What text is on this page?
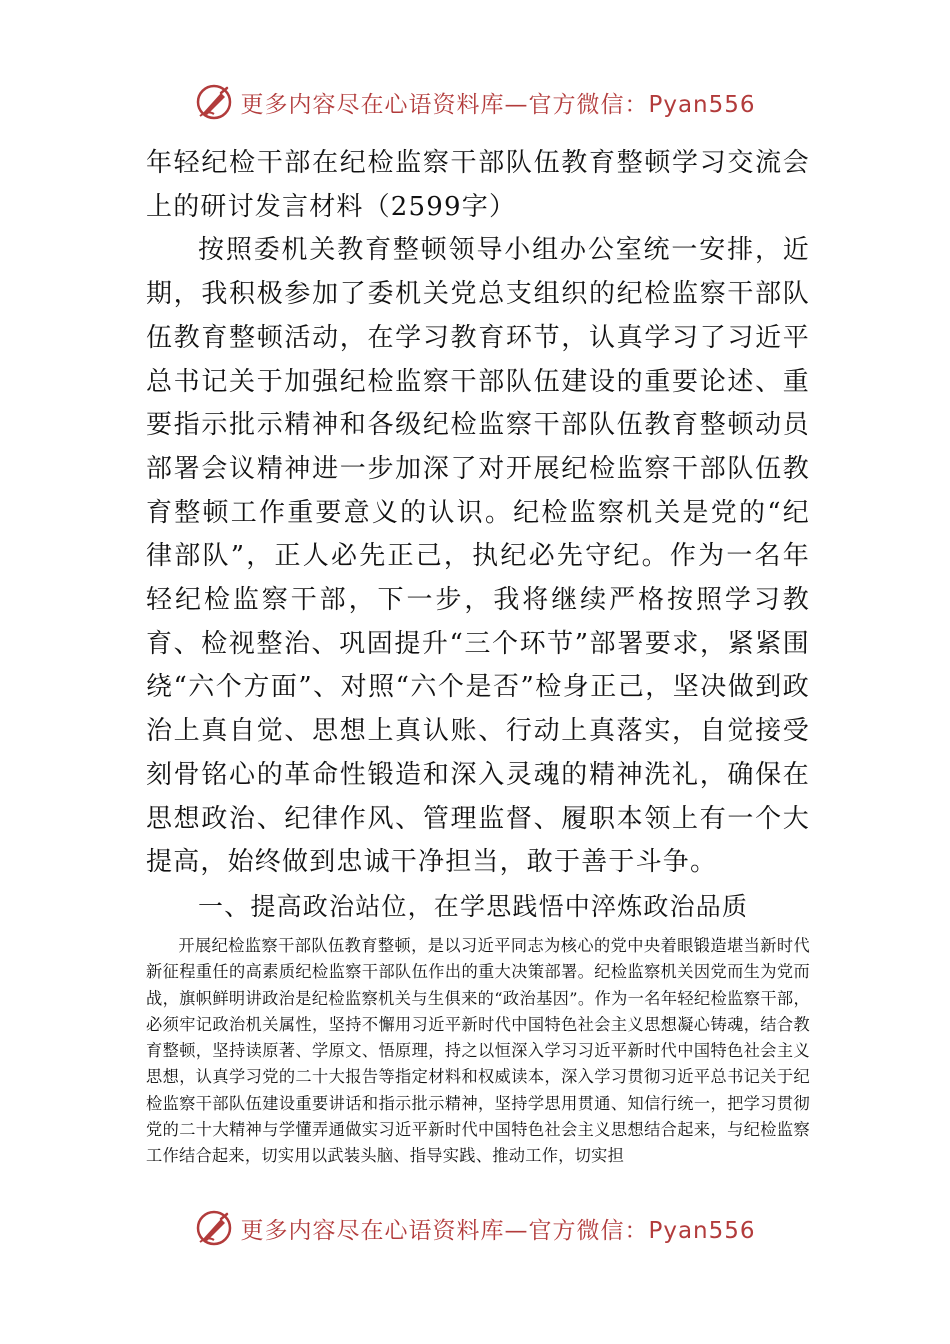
更多内容尽在心语资料库—官方微信：Pyan556

年轻纪检干部在纪检监察干部队伍教育整顿学习交流会上的研讨发言材料（2599字）

按照委机关教育整顿领导小组办公室统一安排，近期，我积极参加了委机关党总支组织的纪检监察干部队伍教育整顿活动，在学习教育环节，认真学习了习近平总书记关于加强纪检监察干部队伍建设的重要论述、重要指示批示精神和各级纪检监察干部队伍教育整顿动员部署会议精神进一步加深了对开展纪检监察干部队伍教育整顿工作重要意义的认识。纪检监察机关是党的“纪律部队”，正人必先正己，执纪必先守纪。作为一名年轻纪检监察干部，下一步，我将继续严格按照学习教育、检视整治、巩固提升“三个环节”部署要求，紧紧围绕“六个方面”、对照“六个是否”检身正己，坚决做到政治上真自觉、思想上真认账、行动上真落实，自觉接受刻骨铭心的革命性锻造和深入灵魂的精神洗礼，确保在思想政治、纪律作风、管理监督、履职本领上有一个大提高，始终做到忠诚干净担当，敢于善于斗争。

一、提高政治站位，在学思践悟中淬炼政治品质

开展纪检监察干部队伍教育整顿，是以习近平同志为核心的党中央着眼锻造堪当新时代新征程重任的高素质纪检监察干部队伍作出的重大决策部署。纪检监察机关因党而生为党而战，旗帜鲜明讲政治是纪检监察机关与生俱来的“政治基因”。作为一名年轻纪检监察干部，必须牢记政治机关属性，坚持不懈用习近平新时代中国特色社会主义思想凝心铸魂，结合教育整顿，坚持读原著、学原文、悟原理，持之以恒深入学习习近平新时代中国特色社会主义思想，认真学习党的二十大报告等指定材料和权威读本，深入学习贯彻习近平总书记关于纪检监察干部队伍建设重要讲话和指示批示精神，坚持学思用贯通、知信行统一，把学习贯彻党的二十大精神与学懂弄通做实习近平新时代中国特色社会主义思想结合起来，与纪检监察工作结合起来，切实用以武装头脑、指导实践、推动工作，切实担

更多内容尽在心语资料库—官方微信：Pyan556
